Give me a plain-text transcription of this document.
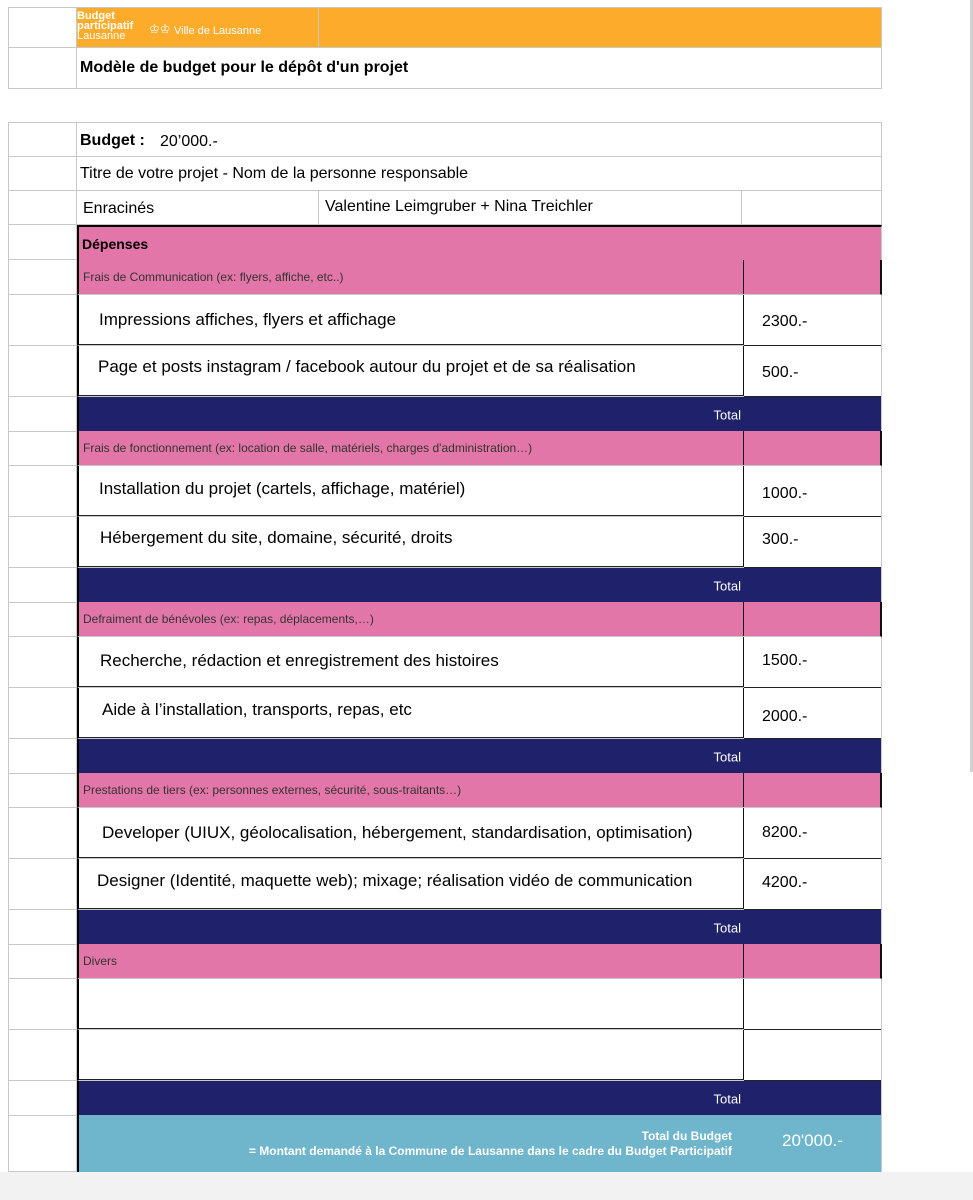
Budget
participatif
Lausanne	♔♔ Ville de Lausanne
Modèle de budget pour le dépôt d'un projet
Budget : 20’000.-
Titre de votre projet - Nom de la personne responsable
Enracinés	Valentine Leimgruber + Nina Treichler
Dépenses
Frais de Communication (ex: flyers, affiche, etc..)
Impressions affiches, flyers et affichage	2300.-
Page et posts instagram / facebook autour du projet et de sa réalisation	500.-
Total
Frais de fonctionnement (ex: location de salle, matériels, charges d'administration…)
Installation du projet (cartels, affichage, matériel)	1000.-
Hébergement du site, domaine, sécurité, droits	300.-
Total
Defraiment de bénévoles (ex: repas, déplacements,…)
Recherche, rédaction et enregistrement des histoires	1500.-
Aide à l’installation, transports, repas, etc	2000.-
Total
Prestations de tiers (ex: personnes externes, sécurité, sous-traitants…)
Developer (UIUX, géolocalisation, hébergement, standardisation, optimisation)	8200.-
Designer (Identité, maquette web); mixage; réalisation vidéo de communication	4200.-
Total
Divers
Total
Total du Budget
= Montant demandé à la Commune de Lausanne dans le cadre du Budget Participatif
20'000.-
